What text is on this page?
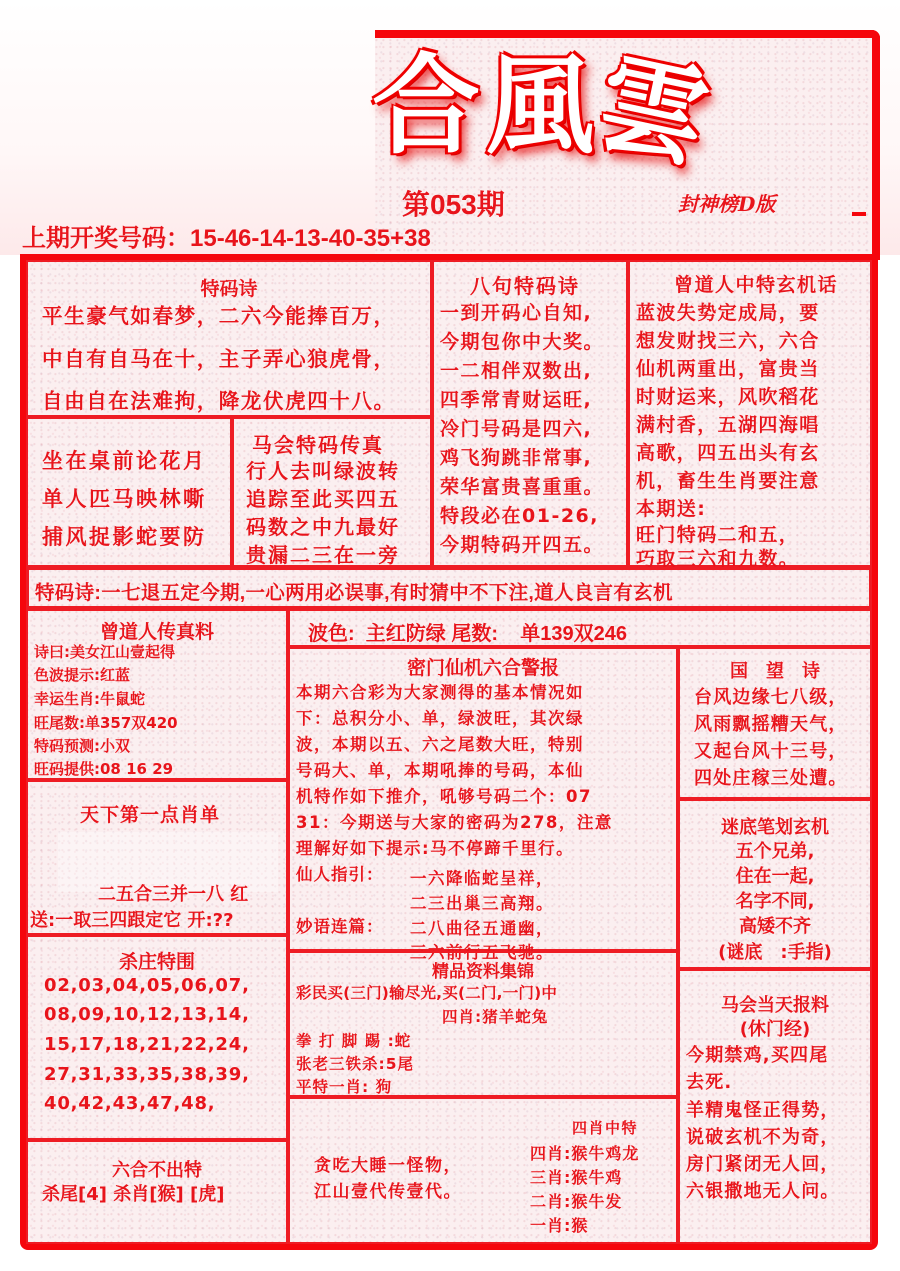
合風雲
封神榜D版
第053期
上期开奖号码：15-46-14-13-40-35+38
特码诗
平生豪气如春梦，二六今能捧百万，
中自有自马在十，主子弄心狼虎骨，
自由自在法难拘，降龙伏虎四十八。
坐在桌前论花月
单人匹马映林嘶
捕风捉影蛇要防
马会特码传真
行人去叫绿波转
追踪至此买四五
码数之中九最好
贵漏二三在一旁
八句特码诗
一到开码心自知,
今期包你中大奖。
一二相伴双数出,
四季常青财运旺,
冷门号码是四六,
鸡飞狗跳非常事,
荣华富贵喜重重。
特段必在01-26,
今期特码开四五。
曾道人中特玄机话
蓝波失势定成局，要
想发财找三六，六合
仙机两重出，富贵当
时财运来，风吹稻花
满村香，五湖四海唱
高歌，四五出头有玄
机，畜生生肖要注意
本期送:
旺门特码二和五，
巧取三六和九数。
特码诗:一七退五定今期,一心两用必误事,有时猜中不下注,道人良言有玄机
曾道人传真料
诗曰:美女江山壹起得
色波提示:红蓝
幸运生肖:牛鼠蛇
旺尾数:单357双420
特码预测:小双
旺码提供:08 16 29
天下第一点肖单
二五合三并一八 红
送:一取三四跟定它 开:??
杀庄特围
02,03,04,05,06,07,
08,09,10,12,13,14,
15,17,18,21,22,24,
27,31,33,35,38,39,
40,42,43,47,48,
六合不出特
杀尾[4] 杀肖[猴] [虎]
波色: 主红防绿 尾数: 单139双246
密门仙机六合警报
本期六合彩为大家测得的基本情况如
下：总积分小、单，绿波旺，其次绿
波，本期以五、六之尾数大旺，特别
号码大、单，本期吼捧的号码，本仙
机特作如下推介，吼够号码二个：07
31：今期送与大家的密码为278，注意
理解好如下提示:马不停蹄千里行。
仙人指引： 一六降临蛇呈祥，
二三出巢三高翔。
妙语连篇： 二八曲径五通幽，
三六前行五飞驰。
国　望　诗
台风边缘七八级，
风雨飘摇糟天气，
又起台风十三号，
四处庄稼三处遭。
迷底笔划玄机
五个兄弟,
住在一起,
名字不同,
高矮不齐
(谜底　:手指)
精品资料集锦
彩民买(三门)输尽光,买(二门,一门)中
四肖:猪羊蛇兔
拳 打 脚 踢 :蛇
张老三铁杀:5尾
平特一肖: 狗
贪吃大睡一怪物，
江山壹代传壹代。
四肖中特
四肖:猴牛鸡龙
三肖:猴牛鸡
二肖:猴牛发
一肖:猴
马会当天报料
(休门经)
今期禁鸡,买四尾
去死.
羊精鬼怪正得势，
说破玄机不为奇，
房门紧闭无人回，
六银撒地无人问。
